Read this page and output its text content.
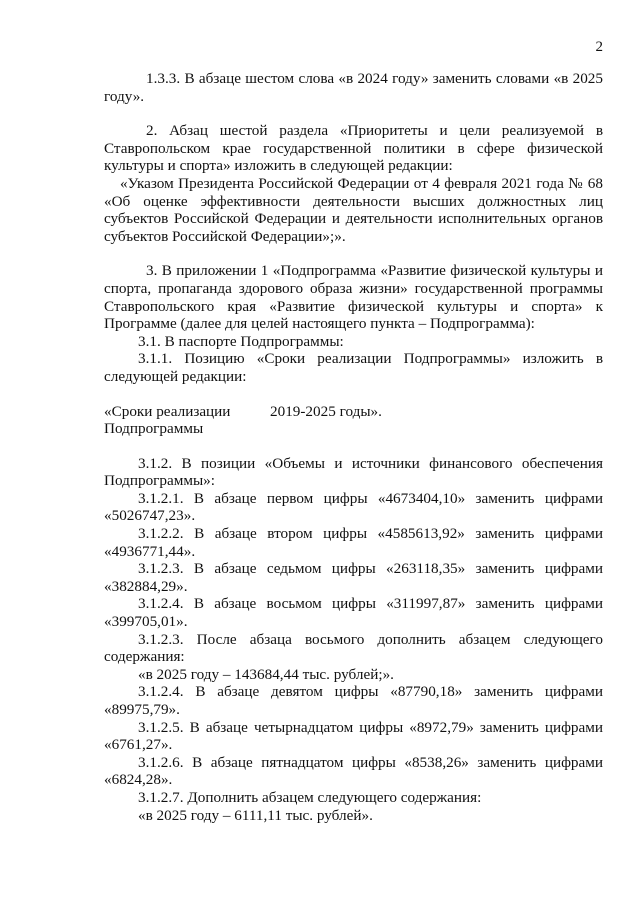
2

1.3.3. В абзаце шестом слова «в 2024 году» заменить словами «в 2025 году».

2. Абзац шестой раздела «Приоритеты и цели реализуемой в Ставропольском крае государственной политики в сфере физической культуры и спорта» изложить в следующей редакции:

«Указом Президента Российской Федерации от 4 февраля 2021 года № 68 «Об оценке эффективности деятельности высших должностных лиц субъектов Российской Федерации и деятельности исполнительных органов субъектов Российской Федерации»;».

3. В приложении 1 «Подпрограмма «Развитие физической культуры и спорта, пропаганда здорового образа жизни» государственной программы Ставропольского края «Развитие физической культуры и спорта» к Программе (далее для целей настоящего пункта – Подпрограмма):

3.1. В паспорте Подпрограммы:

3.1.1. Позицию «Сроки реализации Подпрограммы» изложить в следующей редакции:

«Сроки реализации Подпрограммы
2019-2025 годы».

3.1.2. В позиции «Объемы и источники финансового обеспечения Подпрограммы»:

3.1.2.1. В абзаце первом цифры «4673404,10» заменить цифрами «5026747,23».

3.1.2.2. В абзаце втором цифры «4585613,92» заменить цифрами «4936771,44».

3.1.2.3. В абзаце седьмом цифры «263118,35» заменить цифрами «382884,29».

3.1.2.4. В абзаце восьмом цифры «311997,87» заменить цифрами «399705,01».

3.1.2.3. После абзаца восьмого дополнить абзацем следующего содержания:

«в 2025 году – 143684,44 тыс. рублей;».

3.1.2.4. В абзаце девятом цифры «87790,18» заменить цифрами «89975,79».

3.1.2.5. В абзаце четырнадцатом цифры «8972,79» заменить цифрами «6761,27».

3.1.2.6. В абзаце пятнадцатом цифры «8538,26» заменить цифрами «6824,28».

3.1.2.7. Дополнить абзацем следующего содержания:

«в 2025 году – 6111,11 тыс. рублей».
